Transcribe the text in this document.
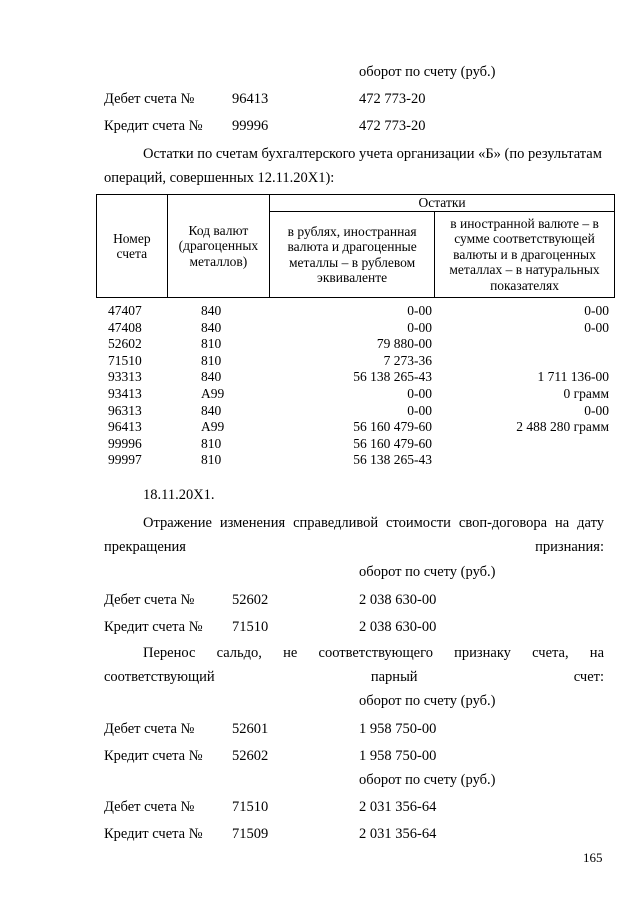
оборот по счету (руб.)
Дебет счета №	96413	472 773-20
Кредит счета № 99996	472 773-20
Остатки по счетам бухгалтерского учета организации «Б» (по результатам операций, совершенных 12.11.20Х1):
Номер счета	Код валют (драгоценных металлов)	Остатки	
		в рублях, иностранная валюта и драгоценные металлы – в рублевом эквиваленте	в иностранной валюте – в сумме соответствующей валюты и в драгоценных металлах – в натуральных показателях
47407	840	0-00	0-00
47408	840	0-00	0-00
52602	810	79 880-00
71510	810	7 273-36
93313	840	56 138 265-43	1 711 136-00
93413	А99	0-00	0 грамм
96313	840	0-00	0-00
96413	А99	56 160 479-60	2 488 280 грамм
99996	810	56 160 479-60
99997	810	56 138 265-43
18.11.20Х1.
Отражение изменения справедливой стоимости своп-договора на дату прекращения признания:
оборот по счету (руб.)
Дебет счета №	52602	2 038 630-00
Кредит счета № 71510	2 038 630-00
Перенос сальдо, не соответствующего признаку счета, на соответствующий парный счет:
оборот по счету (руб.)
Дебет счета №	52601	1 958 750-00
Кредит счета № 52602	1 958 750-00
оборот по счету (руб.)
Дебет счета №	71510	2 031 356-64
Кредит счета № 71509	2 031 356-64
165
